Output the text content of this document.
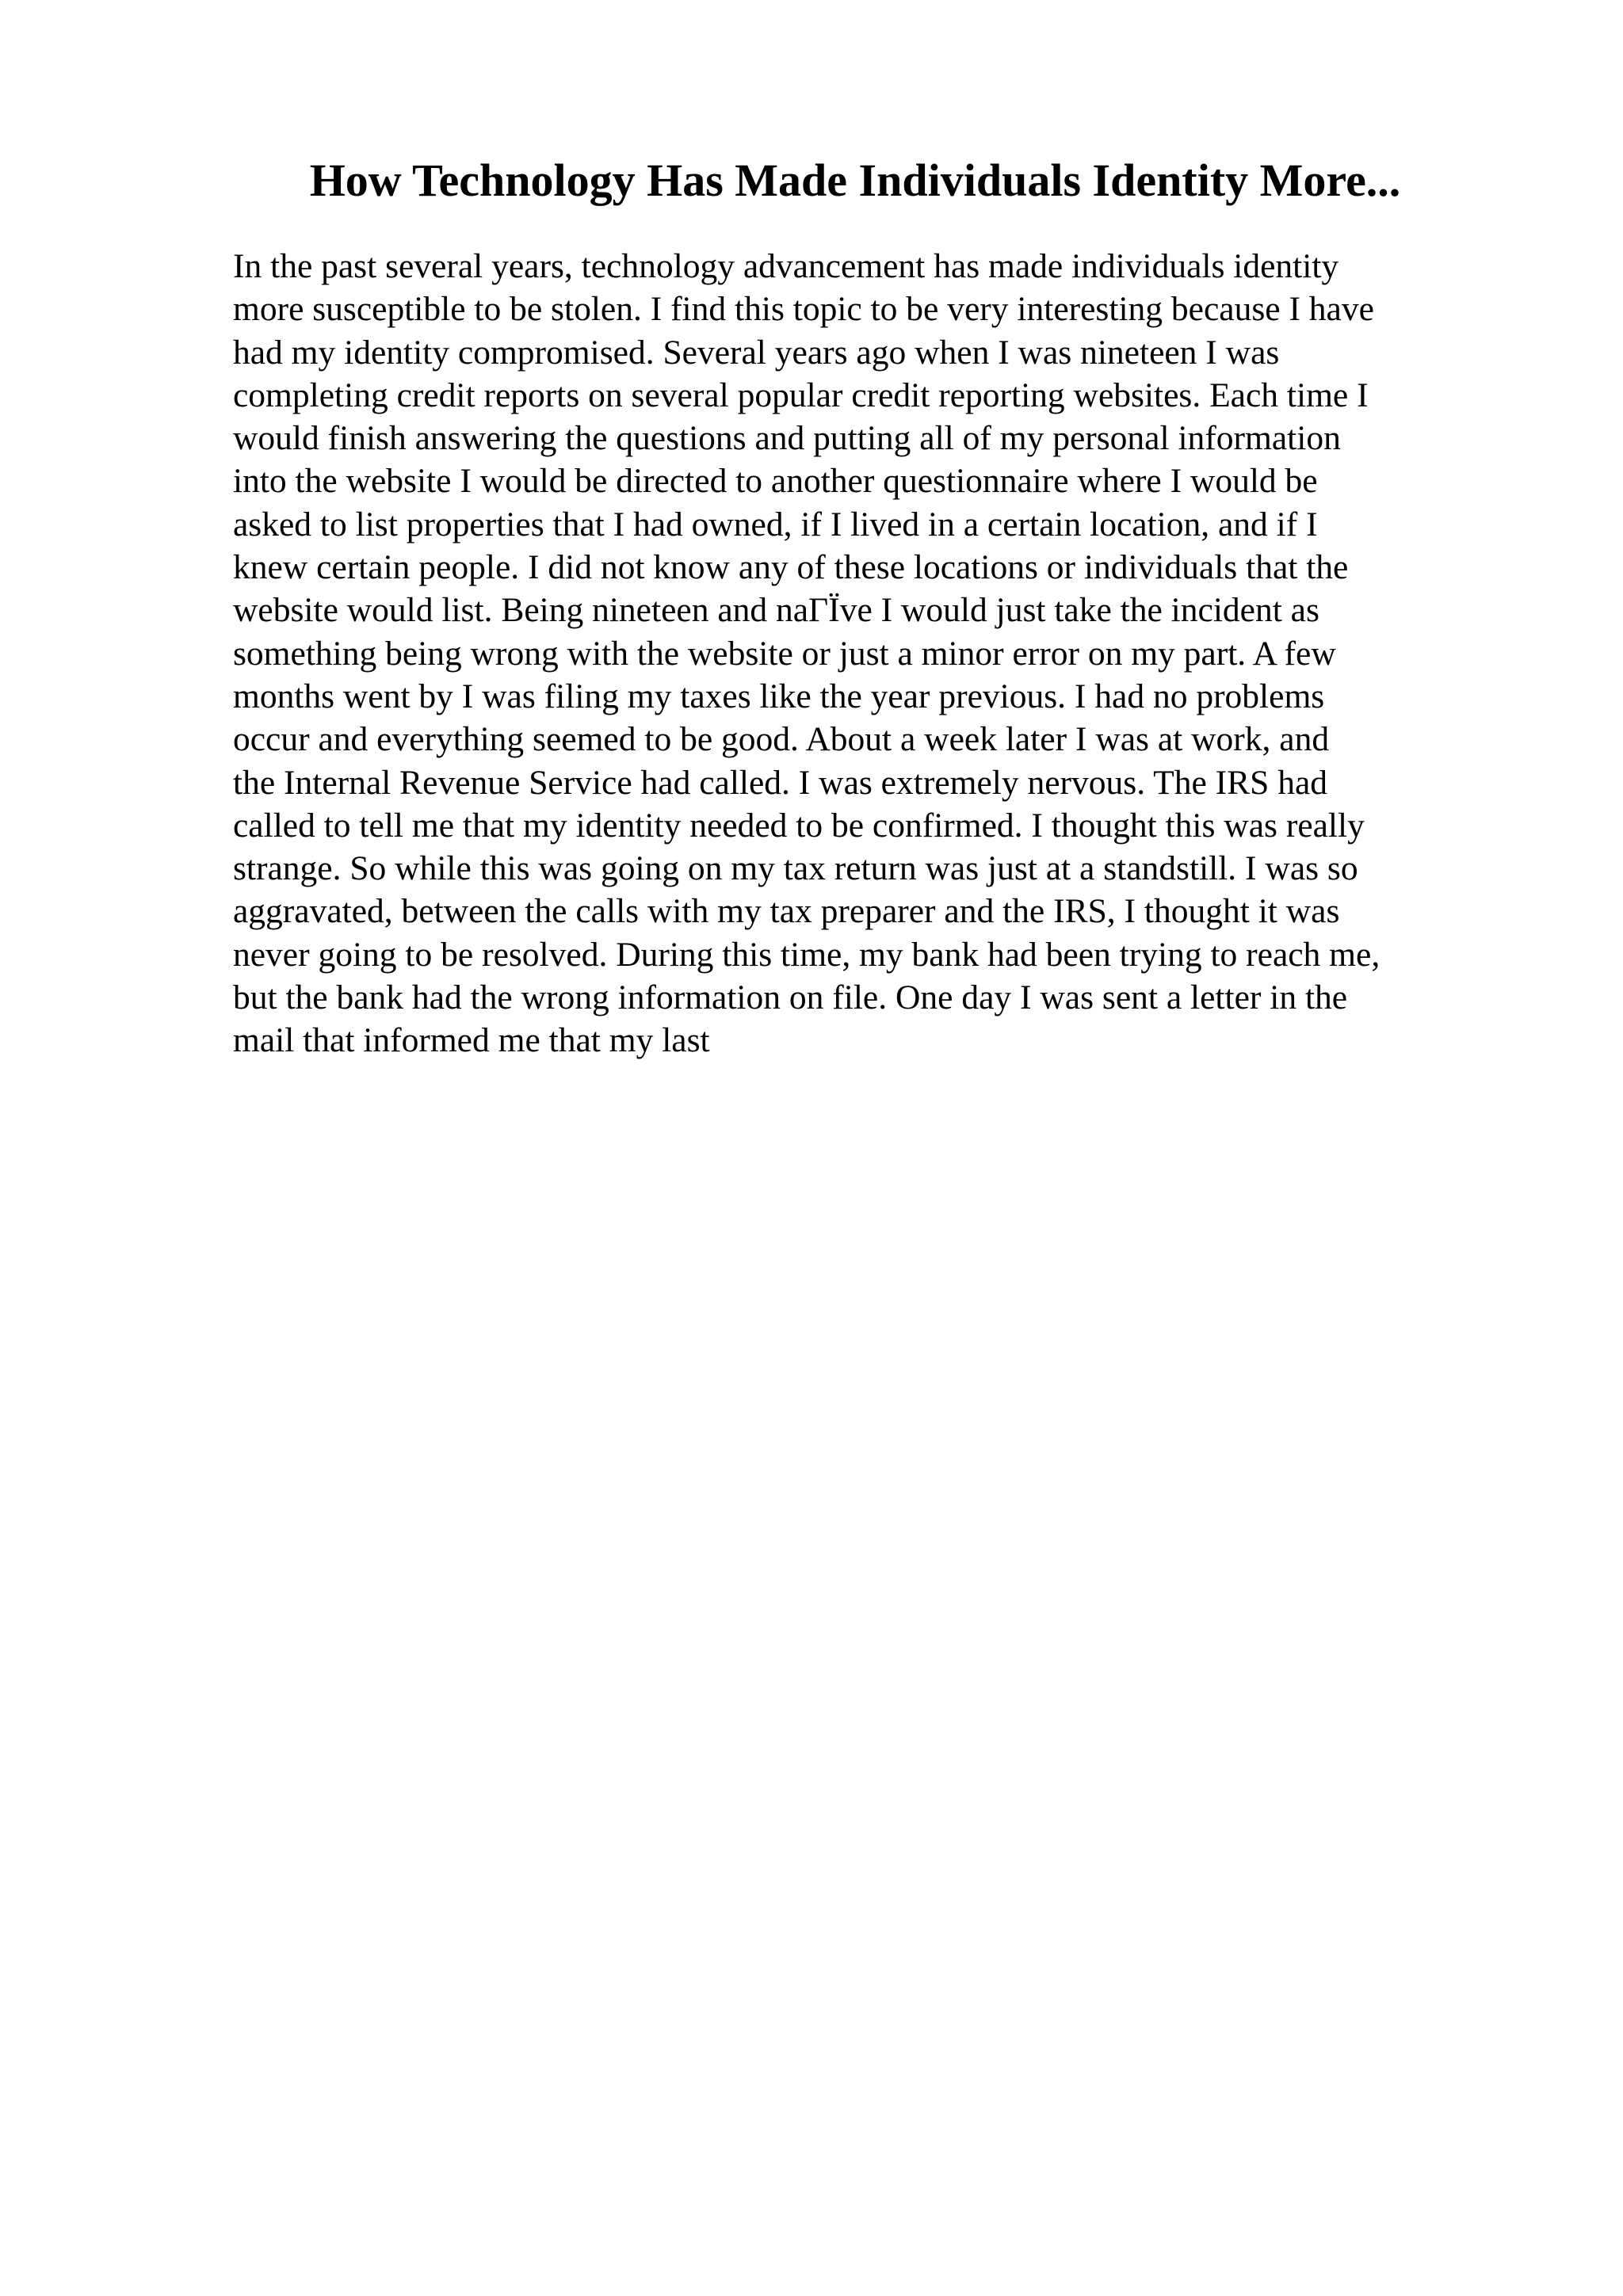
How Technology Has Made Individuals Identity More...
In the past several years, technology advancement has made individuals identity
more susceptible to be stolen. I find this topic to be very interesting because I have
had my identity compromised. Several years ago when I was nineteen I was
completing credit reports on several popular credit reporting websites. Each time I
would finish answering the questions and putting all of my personal information
into the website I would be directed to another questionnaire where I would be
asked to list properties that I had owned, if I lived in a certain location, and if I
knew certain people. I did not know any of these locations or individuals that the
website would list. Being nineteen and naΓЇve I would just take the incident as
something being wrong with the website or just a minor error on my part. A few
months went by I was filing my taxes like the year previous. I had no problems
occur and everything seemed to be good. About a week later I was at work, and
the Internal Revenue Service had called. I was extremely nervous. The IRS had
called to tell me that my identity needed to be confirmed. I thought this was really
strange. So while this was going on my tax return was just at a standstill. I was so
aggravated, between the calls with my tax preparer and the IRS, I thought it was
never going to be resolved. During this time, my bank had been trying to reach me,
but the bank had the wrong information on file. One day I was sent a letter in the
mail that informed me that my last
